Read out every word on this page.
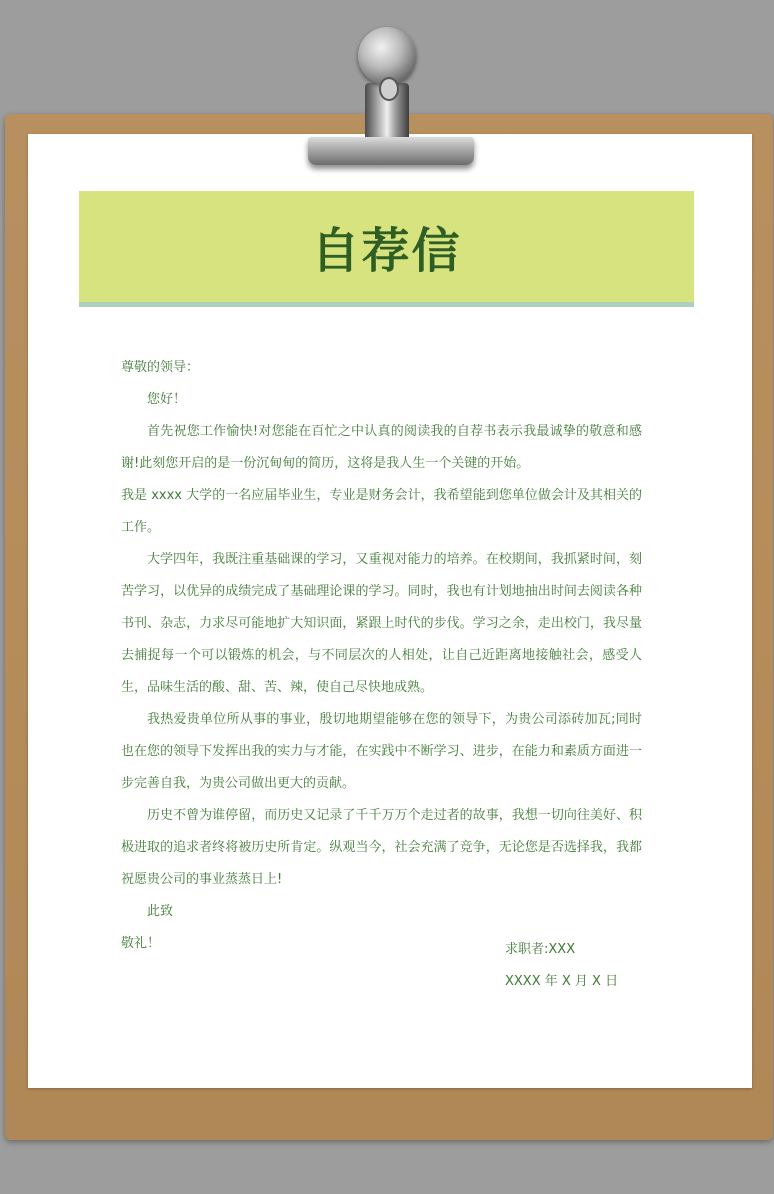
自荐信

尊敬的领导：

您好！

首先祝您工作愉快!对您能在百忙之中认真的阅读我的自荐书表示我最诚挚的敬意和感谢!此刻您开启的是一份沉甸甸的简历，这将是我人生一个关键的开始。

我是 xxxx 大学的一名应届毕业生，专业是财务会计，我希望能到您单位做会计及其相关的工作。

大学四年，我既注重基础课的学习，又重视对能力的培养。在校期间，我抓紧时间，刻苦学习，以优异的成绩完成了基础理论课的学习。同时，我也有计划地抽出时间去阅读各种书刊、杂志，力求尽可能地扩大知识面，紧跟上时代的步伐。学习之余，走出校门，我尽量去捕捉每一个可以锻炼的机会，与不同层次的人相处，让自己近距离地接触社会，感受人生，品味生活的酸、甜、苦、辣，使自己尽快地成熟。

我热爱贵单位所从事的事业，殷切地期望能够在您的领导下，为贵公司添砖加瓦;同时也在您的领导下发挥出我的实力与才能，在实践中不断学习、进步，在能力和素质方面进一步完善自我，为贵公司做出更大的贡献。

历史不曾为谁停留，而历史又记录了千千万万个走过者的故事，我想一切向往美好、积极进取的追求者终将被历史所肯定。纵观当今，社会充满了竞争，无论您是否选择我，我都祝愿贵公司的事业蒸蒸日上!

此致

敬礼！	求职者:XXX
XXXX 年 X 月 X 日
